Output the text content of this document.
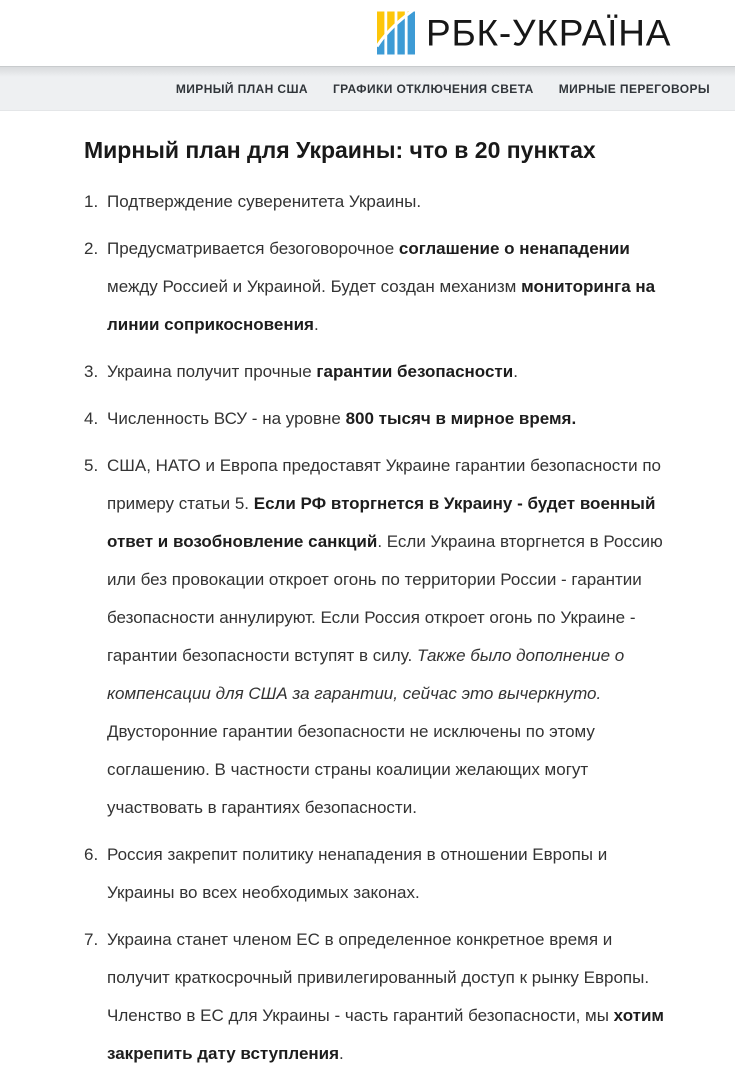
РБК-УКРАЇНА
МИРНЫЙ ПЛАН США ГРАФИКИ ОТКЛЮЧЕНИЯ СВЕТА МИРНЫЕ ПЕРЕГОВОРЫ
Мирный план для Украины: что в 20 пунктах
1. Подтверждение суверенитета Украины.
2. Предусматривается безоговорочное соглашение о ненападении между Россией и Украиной. Будет создан механизм мониторинга на линии соприкосновения.
3. Украина получит прочные гарантии безопасности.
4. Численность ВСУ - на уровне 800 тысяч в мирное время.
5. США, НАТО и Европа предоставят Украине гарантии безопасности по примеру статьи 5. Если РФ вторгнется в Украину - будет военный ответ и возобновление санкций. Если Украина вторгнется в Россию или без провокации откроет огонь по территории России - гарантии безопасности аннулируют. Если Россия откроет огонь по Украине - гарантии безопасности вступят в силу. Также было дополнение о компенсации для США за гарантии, сейчас это вычеркнуто. Двусторонние гарантии безопасности не исключены по этому соглашению. В частности страны коалиции желающих могут участвовать в гарантиях безопасности.
6. Россия закрепит политику ненападения в отношении Европы и Украины во всех необходимых законах.
7. Украина станет членом ЕС в определенное конкретное время и получит краткосрочный привилегированный доступ к рынку Европы. Членство в ЕС для Украины - часть гарантий безопасности, мы хотим закрепить дату вступления.
